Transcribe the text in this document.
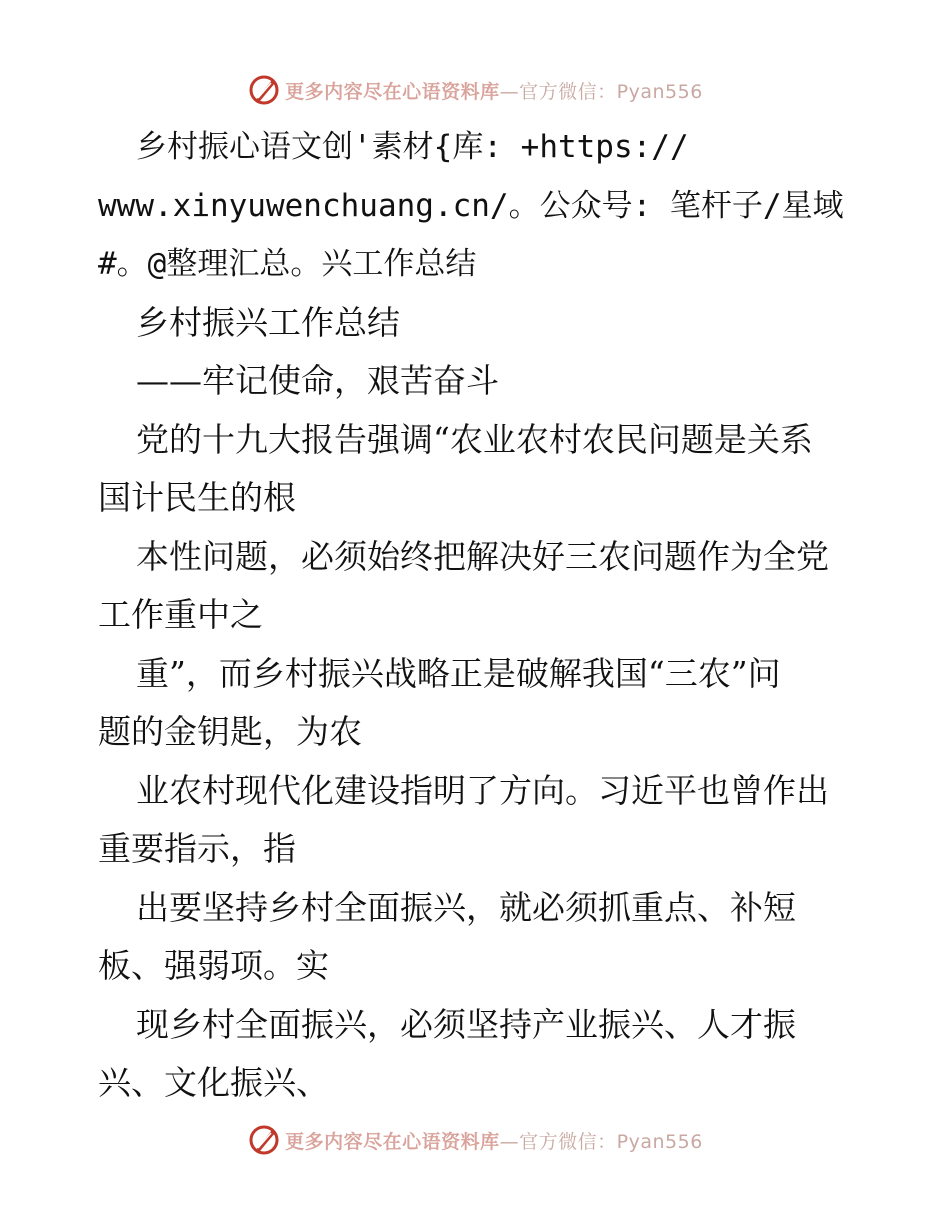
更多内容尽在心语资料库—官方微信：Pyan556
乡村振心语文创'素材{库: +https://
www.xinyuwenchuang.cn/。公众号: 笔杆子/星域
#。@整理汇总。兴工作总结
乡村振兴工作总结
——牢记使命，艰苦奋斗
党的十九大报告强调“农业农村农民问题是关系
国计民生的根
本性问题，必须始终把解决好三农问题作为全党
工作重中之
重”，而乡村振兴战略正是破解我国“三农”问
题的金钥匙，为农
业农村现代化建设指明了方向。习近平也曾作出
重要指示，指
出要坚持乡村全面振兴，就必须抓重点、补短
板、强弱项。实
现乡村全面振兴，必须坚持产业振兴、人才振
兴、文化振兴、
更多内容尽在心语资料库—官方微信：Pyan556
